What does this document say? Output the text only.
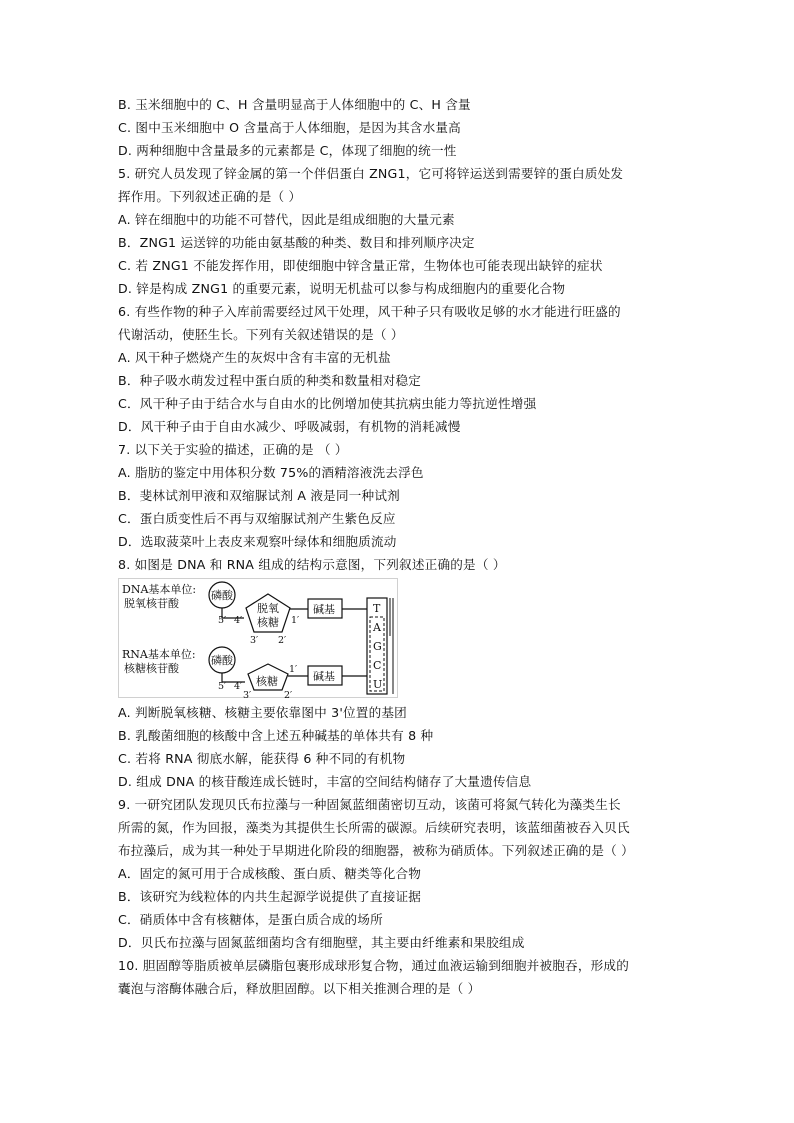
B. 玉米细胞中的 C、H 含量明显高于人体细胞中的 C、H 含量
C. 图中玉米细胞中 O 含量高于人体细胞，是因为其含水量高
D. 两种细胞中含量最多的元素都是 C，体现了细胞的统一性
5. 研究人员发现了锌金属的第一个伴侣蛋白 ZNG1，它可将锌运送到需要锌的蛋白质处发
挥作用。下列叙述正确的是（ ）
A. 锌在细胞中的功能不可替代，因此是组成细胞的大量元素
B．ZNG1 运送锌的功能由氨基酸的种类、数目和排列顺序决定
C. 若 ZNG1 不能发挥作用，即使细胞中锌含量正常，生物体也可能表现出缺锌的症状
D. 锌是构成 ZNG1 的重要元素，说明无机盐可以参与构成细胞内的重要化合物
6. 有些作物的种子入库前需要经过风干处理，风干种子只有吸收足够的水才能进行旺盛的
代谢活动，使胚生长。下列有关叙述错误的是（ ）
A. 风干种子燃烧产生的灰烬中含有丰富的无机盐
B．种子吸水萌发过程中蛋白质的种类和数量相对稳定
C．风干种子由于结合水与自由水的比例增加使其抗病虫能力等抗逆性增强
D．风干种子由于自由水减少、呼吸减弱，有机物的消耗减慢
7. 以下关于实验的描述，正确的是 （ ）
A. 脂肪的鉴定中用体积分数 75%的酒精溶液洗去浮色
B．斐林试剂甲液和双缩脲试剂 A 液是同一种试剂
C．蛋白质变性后不再与双缩脲试剂产生紫色反应
D．选取菠菜叶上表皮来观察叶绿体和细胞质流动
8. 如图是 DNA 和 RNA 组成的结构示意图，下列叙述正确的是（ ）
DNA基本单位:
脱氧核苷酸
磷酸
脱氧
核糖
碱基
5′ 4′
3′ 2′
1′
RNA基本单位:
核糖核苷酸
磷酸
核糖	碱基
5′ 4′
3′	2′
1′
T
A
G
C
U
A. 判断脱氧核糖、核糖主要依靠图中 3'位置的基团
B. 乳酸菌细胞的核酸中含上述五种碱基的单体共有 8 种
C. 若将 RNA 彻底水解，能获得 6 种不同的有机物
D. 组成 DNA 的核苷酸连成长链时，丰富的空间结构储存了大量遗传信息
9. 一研究团队发现贝氏布拉藻与一种固氮蓝细菌密切互动，该菌可将氮气转化为藻类生长
所需的氮，作为回报，藻类为其提供生长所需的碳源。后续研究表明，该蓝细菌被吞入贝氏
布拉藻后，成为其一种处于早期进化阶段的细胞器，被称为硝质体。下列叙述正确的是（ ）
A．固定的氮可用于合成核酸、蛋白质、糖类等化合物
B．该研究为线粒体的内共生起源学说提供了直接证据
C．硝质体中含有核糖体，是蛋白质合成的场所
D．贝氏布拉藻与固氮蓝细菌均含有细胞壁，其主要由纤维素和果胶组成
10. 胆固醇等脂质被单层磷脂包裹形成球形复合物，通过血液运输到细胞并被胞吞，形成的
囊泡与溶酶体融合后，释放胆固醇。以下相关推测合理的是（ ）
